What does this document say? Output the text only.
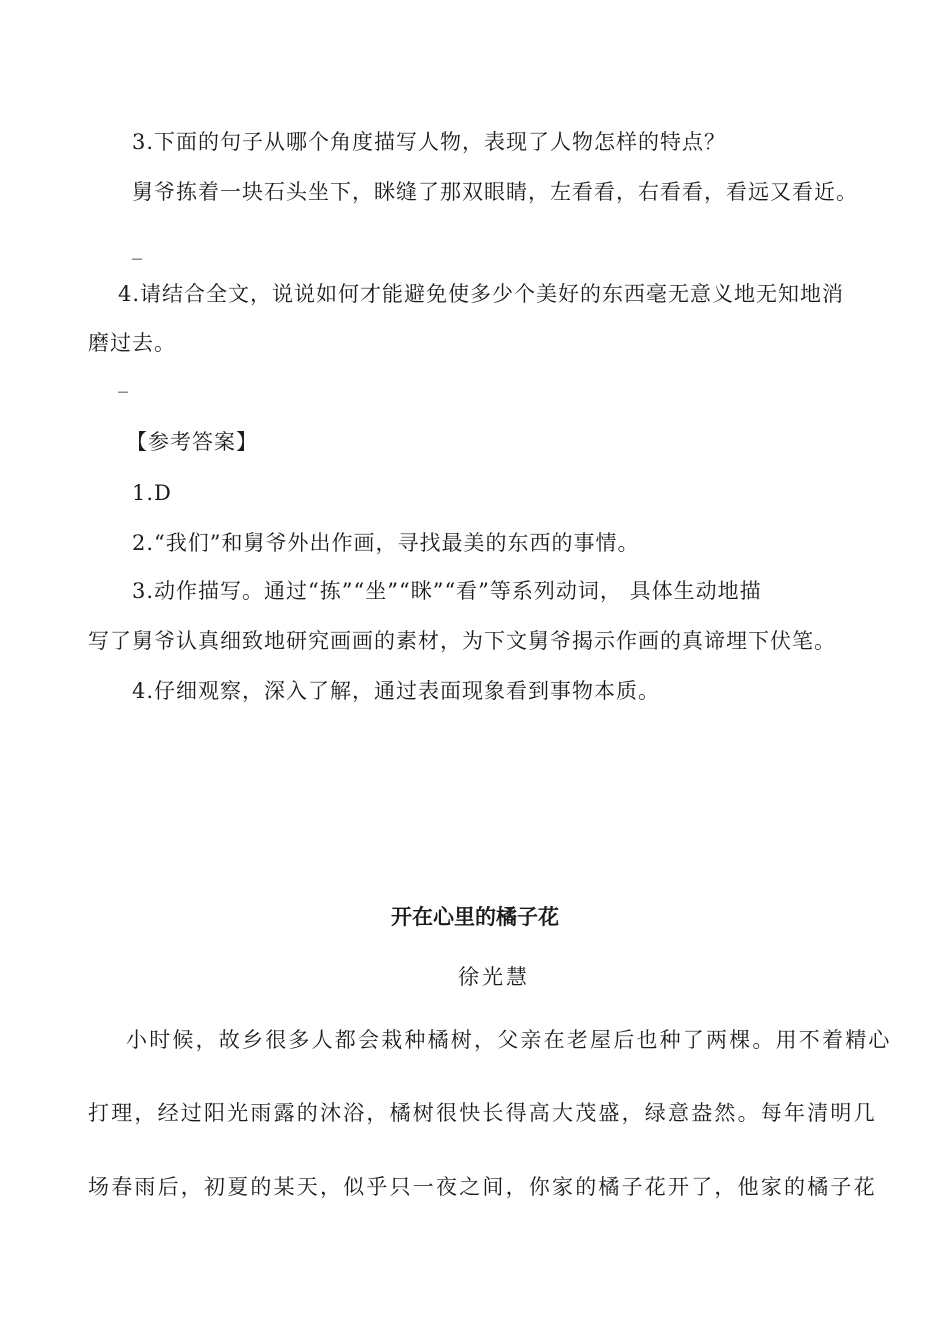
3.下面的句子从哪个角度描写人物，表现了人物怎样的特点？
舅爷拣着一块石头坐下，眯缝了那双眼睛，左看看，右看看，看远又看近。
_
4.请结合全文，说说如何才能避免使多少个美好的东西毫无意义地无知地消
磨过去。
_
【参考答案】
1.D
2.“我们”和舅爷外出作画，寻找最美的东西的事情。
3.动作描写。通过“拣”“坐”“眯”“看”等系列动词， 具体生动地描
写了舅爷认真细致地研究画画的素材，为下文舅爷揭示作画的真谛埋下伏笔。
4.仔细观察，深入了解，通过表面现象看到事物本质。
开在心里的橘子花
徐光慧
小时候，故乡很多人都会栽种橘树，父亲在老屋后也种了两棵。用不着精心
打理，经过阳光雨露的沐浴，橘树很快长得高大茂盛，绿意盎然。每年清明几
场春雨后，初夏的某天，似乎只一夜之间，你家的橘子花开了，他家的橘子花
